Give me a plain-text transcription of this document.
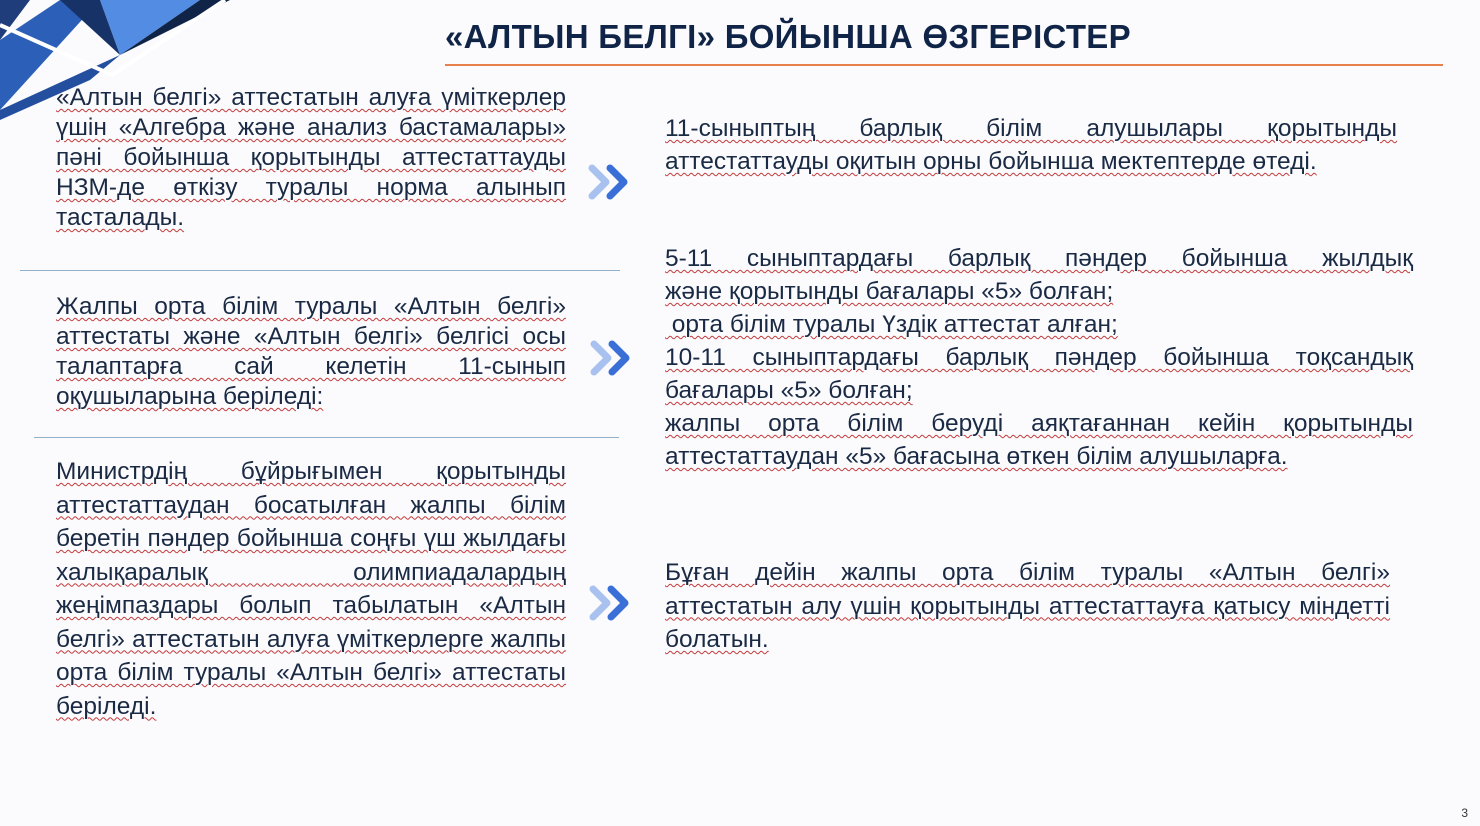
«АЛТЫН БЕЛГІ» БОЙЫНША ӨЗГЕРІСТЕР
«Алтын белгі» аттестатын алуға үміткерлер үшін «Алгебра және анализ бастамалары» пәні бойынша қорытынды аттестаттауды НЗМ-де өткізу туралы норма алынып тасталады.
Жалпы орта білім туралы «Алтын белгі» аттестаты және «Алтын белгі» белгісі осы талаптарға сай келетін 11-сынып оқушыларына беріледі:
Министрдің бұйрығымен қорытынды аттестаттаудан босатылған жалпы білім беретін пәндер бойынша соңғы үш жылдағы халықаралық олимпиадалардың жеңімпаздары болып табылатын «Алтын белгі» аттестатын алуға үміткерлерге жалпы орта білім туралы «Алтын белгі» аттестаты беріледі.
11-сыныптың барлық білім алушылары қорытынды аттестаттауды оқитын орны бойынша мектептерде өтеді.
5-11 сыныптардағы барлық пәндер бойынша жылдық
және қорытынды бағалары «5» болған;
орта білім туралы Үздік аттестат алған;
10-11 сыныптардағы барлық пәндер бойынша тоқсандық
бағалары «5» болған;
жалпы орта білім беруді аяқтағаннан кейін қорытынды
аттестаттаудан «5» бағасына өткен білім алушыларға.
Бұған дейін жалпы орта білім туралы «Алтын белгі» аттестатын алу үшін қорытынды аттестаттауға қатысу міндетті болатын.
3
